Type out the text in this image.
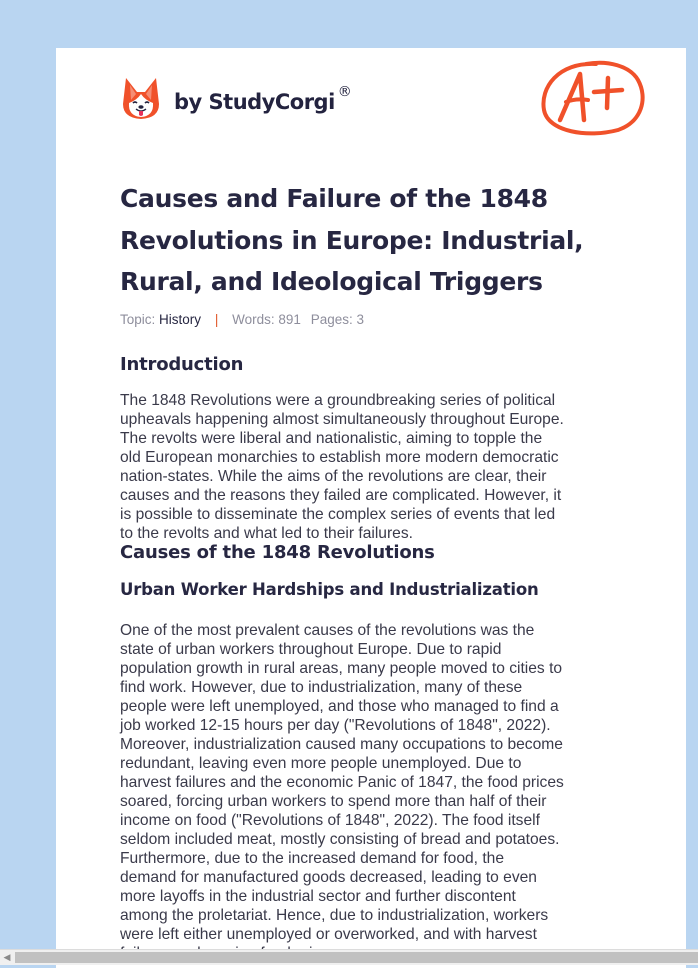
by StudyCorgi ®
Causes and Failure of the 1848
Revolutions in Europe: Industrial,
Rural, and Ideological Triggers
Topic: History | Words: 891 Pages: 3
Introduction
The 1848 Revolutions were a groundbreaking series of political
upheavals happening almost simultaneously throughout Europe.
The revolts were liberal and nationalistic, aiming to topple the
old European monarchies to establish more modern democratic
nation-states. While the aims of the revolutions are clear, their
causes and the reasons they failed are complicated. However, it
is possible to disseminate the complex series of events that led
to the revolts and what led to their failures.
Causes of the 1848 Revolutions
Urban Worker Hardships and Industrialization
One of the most prevalent causes of the revolutions was the
state of urban workers throughout Europe. Due to rapid
population growth in rural areas, many people moved to cities to
find work. However, due to industrialization, many of these
people were left unemployed, and those who managed to find a
job worked 12-15 hours per day ("Revolutions of 1848", 2022).
Moreover, industrialization caused many occupations to become
redundant, leaving even more people unemployed. Due to
harvest failures and the economic Panic of 1847, the food prices
soared, forcing urban workers to spend more than half of their
income on food ("Revolutions of 1848", 2022). The food itself
seldom included meat, mostly consisting of bread and potatoes.
Furthermore, due to the increased demand for food, the
demand for manufactured goods decreased, leading to even
more layoffs in the industrial sector and further discontent
among the proletariat. Hence, due to industrialization, workers
were left either unemployed or overworked, and with harvest
◀
